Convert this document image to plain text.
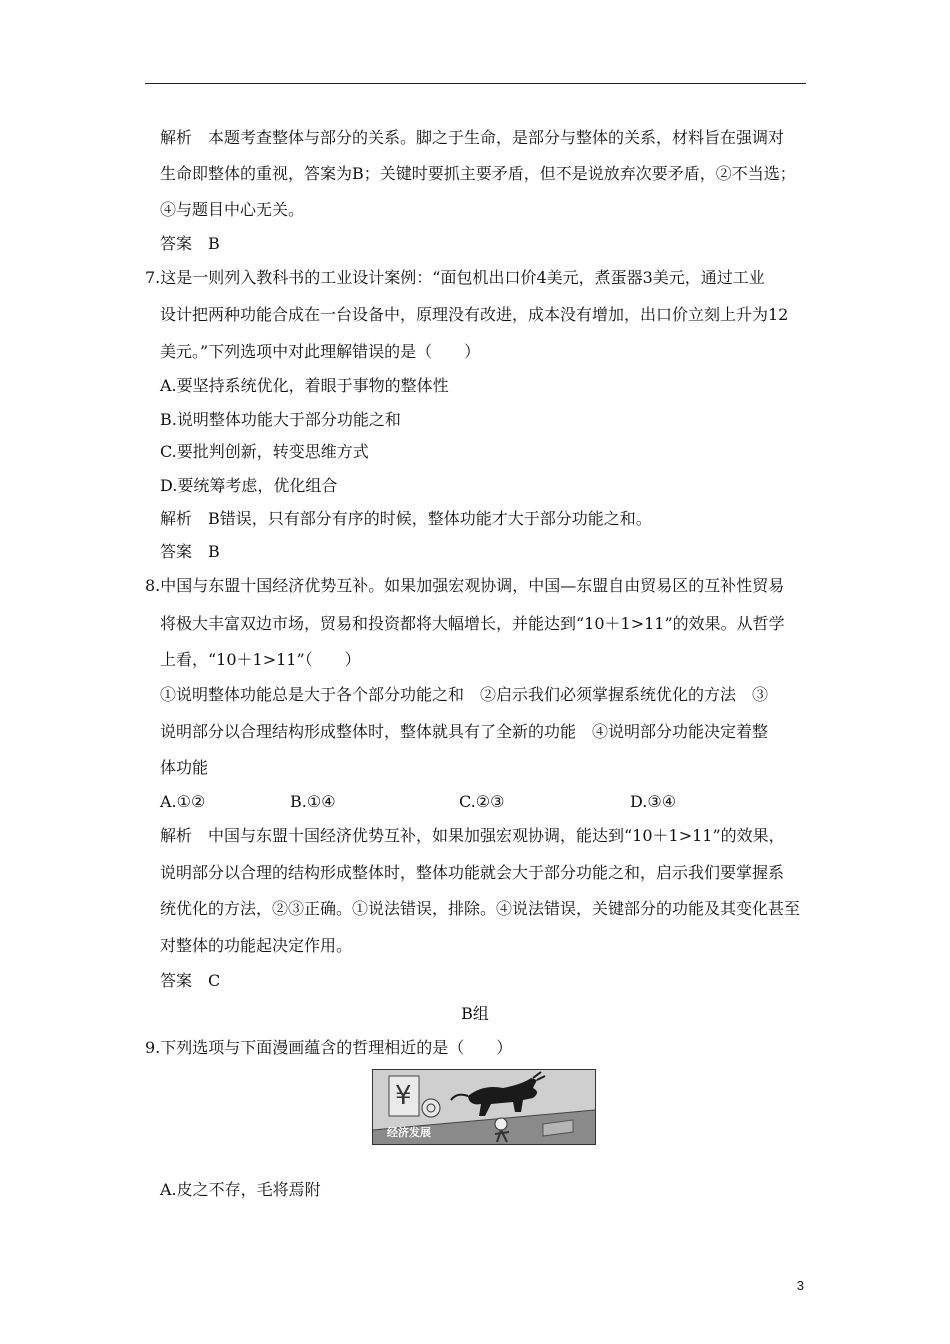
解析　本题考查整体与部分的关系。脚之于生命，是部分与整体的关系，材料旨在强调对
生命即整体的重视，答案为B；关键时要抓主要矛盾，但不是说放弃次要矛盾，②不当选；
④与题目中心无关。
答案　B
7.这是一则列入教科书的工业设计案例：“面包机出口价4美元，煮蛋器3美元，通过工业
设计把两种功能合成在一台设备中，原理没有改进，成本没有增加，出口价立刻上升为12
美元。”下列选项中对此理解错误的是（　　）
A.要坚持系统优化，着眼于事物的整体性
B.说明整体功能大于部分功能之和
C.要批判创新，转变思维方式
D.要统筹考虑，优化组合
解析　B错误，只有部分有序的时候，整体功能才大于部分功能之和。
答案　B
8.中国与东盟十国经济优势互补。如果加强宏观协调，中国—东盟自由贸易区的互补性贸易
将极大丰富双边市场，贸易和投资都将大幅增长，并能达到“10＋1>11”的效果。从哲学
上看，“10＋1>11”（　　）
①说明整体功能总是大于各个部分功能之和　②启示我们必须掌握系统优化的方法　③
说明部分以合理结构形成整体时，整体就具有了全新的功能　④说明部分功能决定着整
体功能
A.①②	B.①④	C.②③	D.③④
解析　中国与东盟十国经济优势互补，如果加强宏观协调，能达到“10＋1>11”的效果，
说明部分以合理的结构形成整体时，整体功能就会大于部分功能之和，启示我们要掌握系
统优化的方法，②③正确。①说法错误，排除。④说法错误，关键部分的功能及其变化甚至
对整体的功能起决定作用。
答案　C
B组
9.下列选项与下面漫画蕴含的哲理相近的是（　　）
¥
经济发展
A.皮之不存，毛将焉附
3
